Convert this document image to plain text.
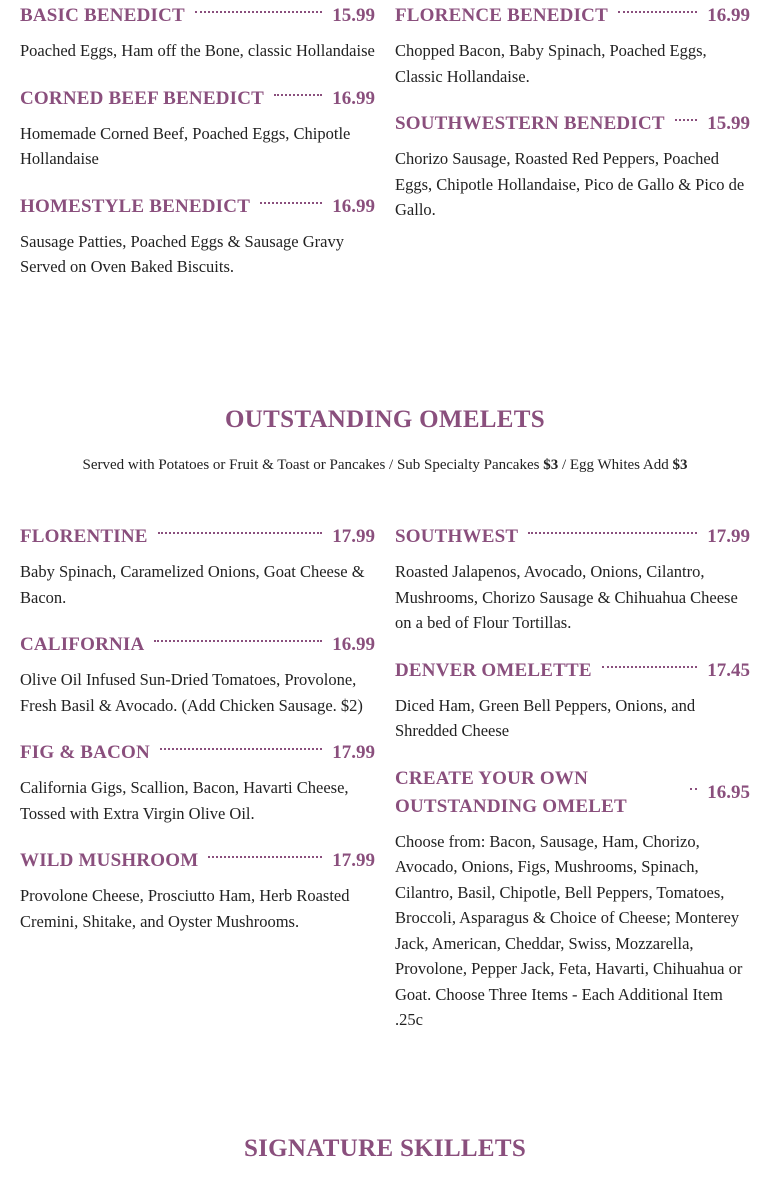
BASIC BENEDICT	15.99
Poached Eggs, Ham off the Bone, classic Hollandaise
CORNED BEEF BENEDICT	16.99
Homemade Corned Beef, Poached Eggs, Chipotle Hollandaise
HOMESTYLE BENEDICT	16.99
Sausage Patties, Poached Eggs & Sausage Gravy Served on Oven Baked Biscuits.
FLORENCE BENEDICT	16.99
Chopped Bacon, Baby Spinach, Poached Eggs, Classic Hollandaise.
SOUTHWESTERN BENEDICT 15.99
Chorizo Sausage, Roasted Red Peppers, Poached Eggs, Chipotle Hollandaise, Pico de Gallo & Pico de Gallo.
OUTSTANDING OMELETS
Served with Potatoes or Fruit & Toast or Pancakes / Sub Specialty Pancakes $3 / Egg Whites Add $3
FLORENTINE	17.99
Baby Spinach, Caramelized Onions, Goat Cheese & Bacon.
CALIFORNIA	16.99
Olive Oil Infused Sun-Dried Tomatoes, Provolone, Fresh Basil & Avocado. (Add Chicken Sausage. $2)
FIG & BACON	17.99
California Gigs, Scallion, Bacon, Havarti Cheese, Tossed with Extra Virgin Olive Oil.
WILD MUSHROOM	17.99
Provolone Cheese, Prosciutto Ham, Herb Roasted Cremini, Shitake, and Oyster Mushrooms.
SOUTHWEST	17.99
Roasted Jalapenos, Avocado, Onions, Cilantro, Mushrooms, Chorizo Sausage & Chihuahua Cheese on a bed of Flour Tortillas.
DENVER OMELETTE	17.45
Diced Ham, Green Bell Peppers, Onions, and Shredded Cheese
CREATE YOUR OWN OUTSTANDING OMELET
16.95
Choose from: Bacon, Sausage, Ham, Chorizo, Avocado, Onions, Figs, Mushrooms, Spinach, Cilantro, Basil, Chipotle, Bell Peppers, Tomatoes, Broccoli, Asparagus & Choice of Cheese; Monterey Jack, American, Cheddar, Swiss, Mozzarella, Provolone, Pepper Jack, Feta, Havarti, Chihuahua or Goat. Choose Three Items - Each Additional Item .25c
SIGNATURE SKILLETS
